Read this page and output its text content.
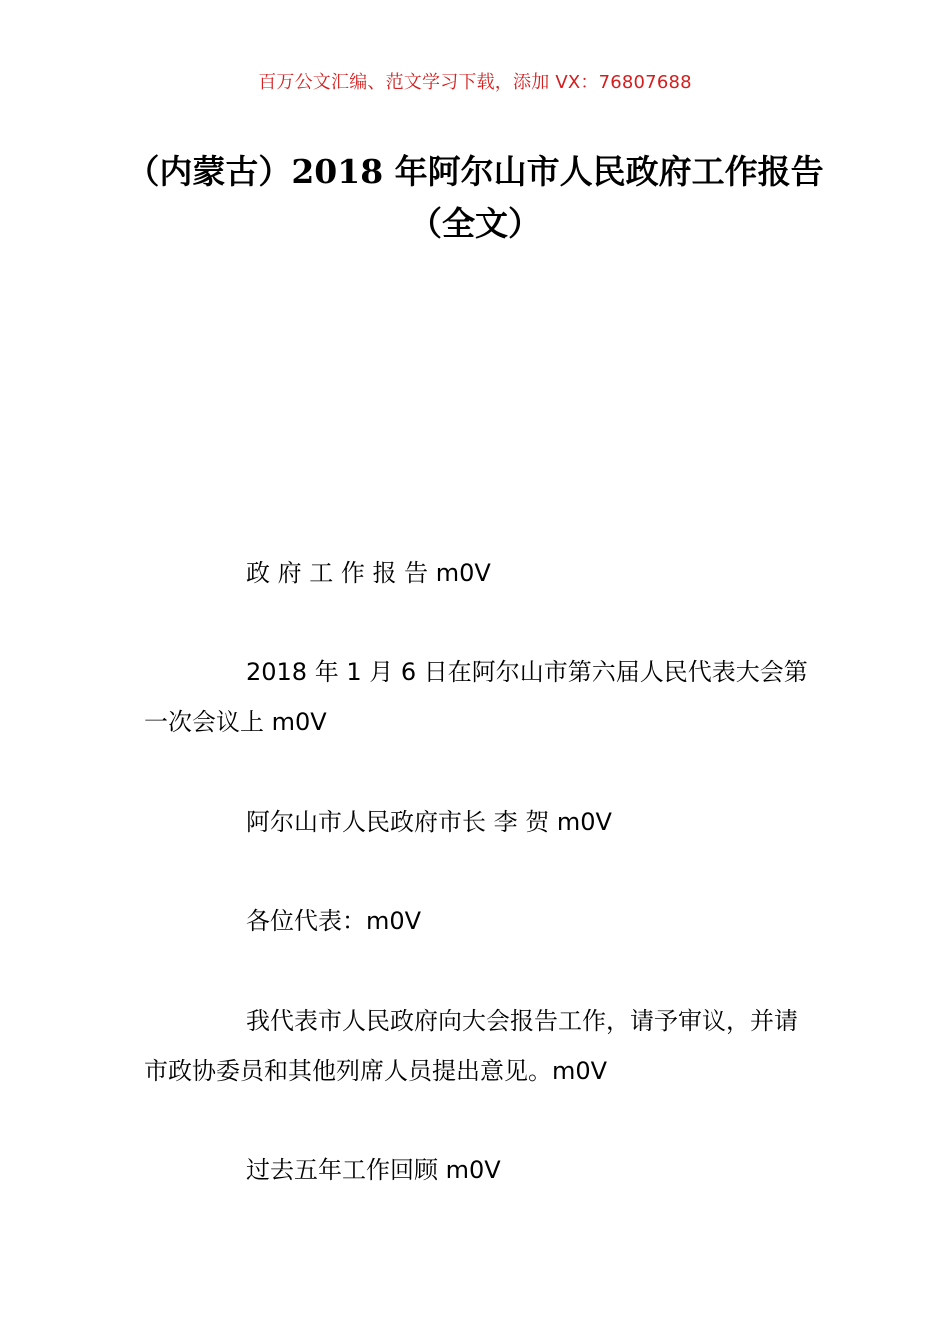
百万公文汇编、范文学习下载，添加 VX：76807688
（内蒙古）2018 年阿尔山市人民政府工作报告（全文）

政 府 工 作 报 告 m0V

2018 年 1 月 6 日在阿尔山市第六届人民代表大会第一次会议上 m0V

阿尔山市人民政府市长 李 贺 m0V

各位代表：m0V

我代表市人民政府向大会报告工作，请予审议，并请市政协委员和其他列席人员提出意见。m0V

过去五年工作回顾 m0V
